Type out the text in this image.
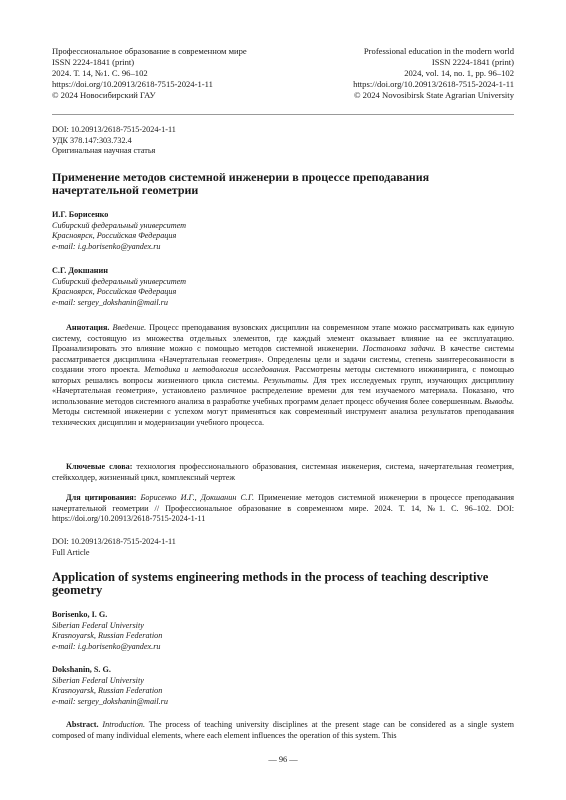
Профессиональное образование в современном мире
ISSN 2224-1841 (print)
2024. Т. 14, №1. С. 96–102
https://doi.org/10.20913/2618-7515-2024-1-11
© 2024 Новосибирский ГАУ
Professional education in the modern world
ISSN 2224-1841 (print)
2024, vol. 14, no. 1, pp. 96–102
https://doi.org/10.20913/2618-7515-2024-1-11
© 2024 Novosibirsk State Agrarian University
DOI: 10.20913/2618-7515-2024-1-11
УДК 378.147:303.732.4
Оригинальная научная статья
Применение методов системной инженерии в процессе преподавания начертательной геометрии
И.Г. Борисенко
Сибирский федеральный университет
Красноярск, Российская Федерация
e-mail: i.g.borisenko@yandex.ru
С.Г. Докшанин
Сибирский федеральный университет
Красноярск, Российская Федерация
e-mail: sergey_dokshanin@mail.ru
Аннотация. Введение. Процесс преподавания вузовских дисциплин на современном этапе можно рассматривать как единую систему, состоящую из множества отдельных элементов, где каждый элемент оказывает влияние на ее эксплуатацию. Проанализировать это влияние можно с помощью методов системной инженерии. Постановка задачи. В качестве системы рассматривается дисциплина «Начертательная геометрия». Определены цели и задачи системы, степень заинтересованности в создании этого проекта. Методика и методология исследования. Рассмотрены методы системного инжиниринга, с помощью которых решались вопросы жизненного цикла системы. Результаты. Для трех исследуемых групп, изучающих дисциплину «Начертательная геометрия», установлено различное распределение времени для тем изучаемого материала. Показано, что использование методов системного анализа в разработке учебных программ делает процесс обучения более совершенным. Выводы. Методы системной инженерии с успехом могут применяться как современный инструмент анализа результатов преподавания технических дисциплин и модернизации учебного процесса.
Ключевые слова: технология профессионального образования, системная инженерия, система, начертательная геометрия, стейкхолдер, жизненный цикл, комплексный чертеж
Для цитирования: Борисенко И.Г., Докшанин С.Г. Применение методов системной инженерии в процессе преподавания начертательной геометрии // Профессиональное образование в современном мире. 2024. Т. 14, №1. С. 96–102. DOI: https://doi.org/10.20913/2618-7515-2024-1-11
DOI: 10.20913/2618-7515-2024-1-11
Full Article
Application of systems engineering methods in the process of teaching descriptive geometry
Borisenko, I. G.
Siberian Federal University
Krasnoyarsk, Russian Federation
e-mail: i.g.borisenko@yandex.ru
Dokshanin, S. G.
Siberian Federal University
Krasnoyarsk, Russian Federation
e-mail: sergey_dokshanin@mail.ru
Abstract. Introduction. The process of teaching university disciplines at the present stage can be considered as a single system composed of many individual elements, where each element influences the operation of this system. This
— 96 —
